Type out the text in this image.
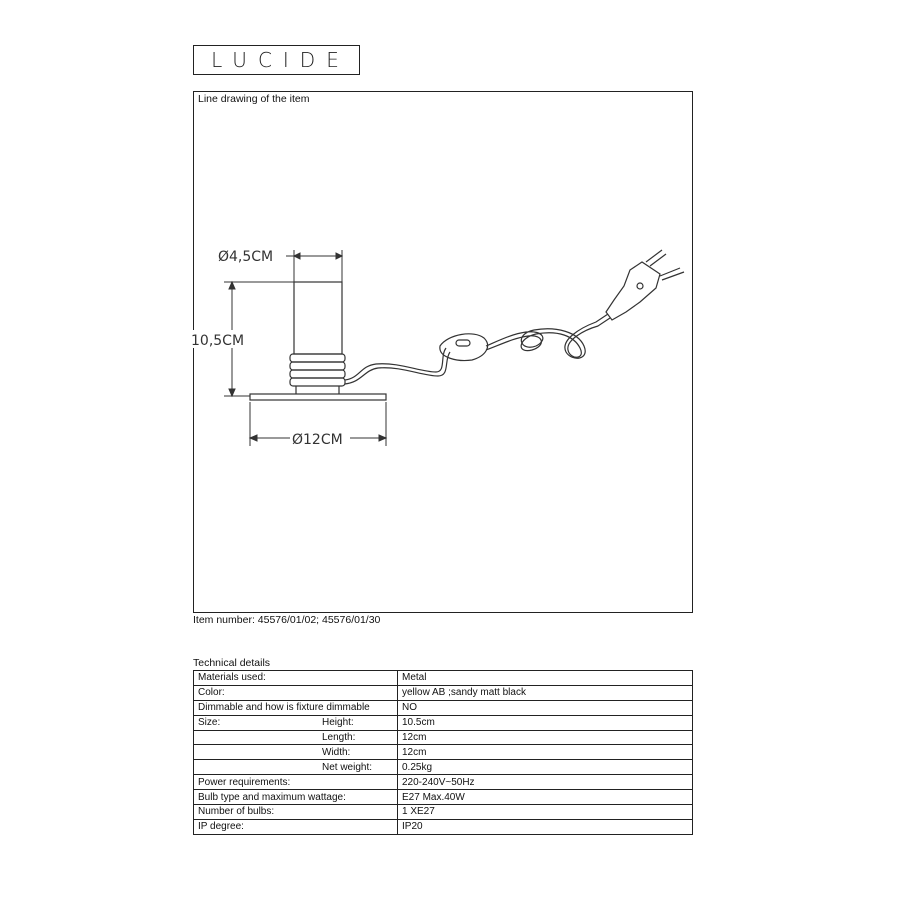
LUCIDE
Line drawing of the item
Ø4,5CM
10,5CM
Ø12CM
Item number: 45576/01/02; 45576/01/30
Technical details
Materials used:	Metal
Color:	yellow AB ;sandy matt black
Dimmable and how is fixture dimmable	NO
Size: Height:	10.5cm
Length:	12cm
Width:	12cm
Net weight:	0.25kg
Power requirements:	220-240V~50Hz
Bulb type and maximum wattage:	E27 Max.40W
Number of bulbs:	1 XE27
IP degree:	IP20
